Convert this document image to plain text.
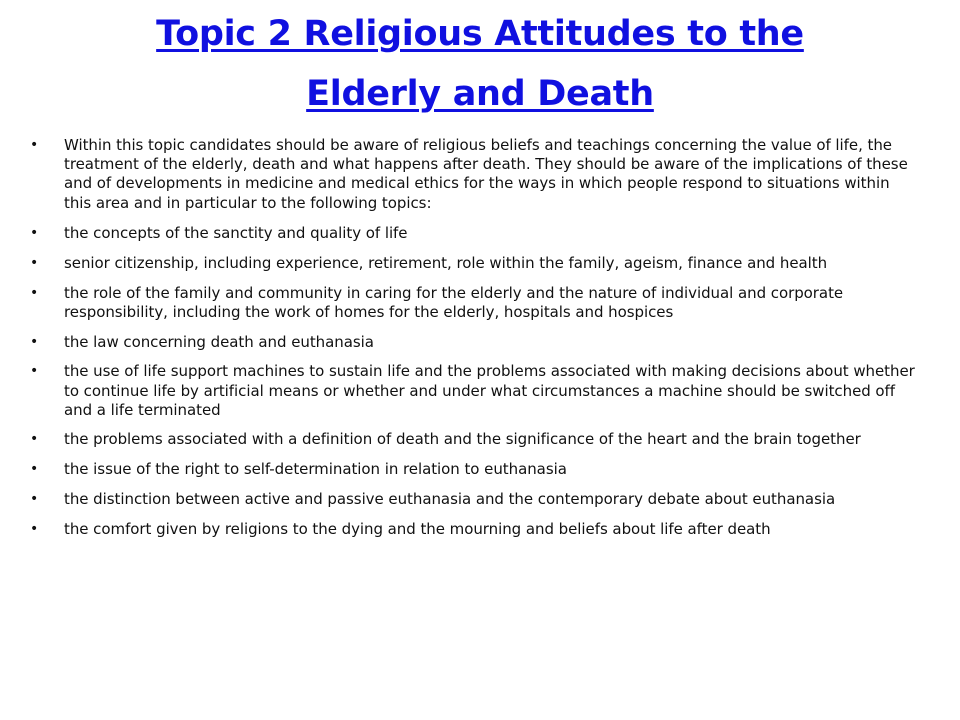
Topic 2 Religious Attitudes to the
Elderly and Death
• Within this topic candidates should be aware of religious beliefs and teachings concerning the value of life, the treatment of the elderly, death and what happens after death. They should be aware of the implications of these and of developments in medicine and medical ethics for the ways in which people respond to situations within this area and in particular to the following topics:
• the concepts of the sanctity and quality of life
• senior citizenship, including experience, retirement, role within the family, ageism, finance and health
• the role of the family and community in caring for the elderly and the nature of individual and corporate responsibility, including the work of homes for the elderly, hospitals and hospices
• the law concerning death and euthanasia
• the use of life support machines to sustain life and the problems associated with making decisions about whether to continue life by artificial means or whether and under what circumstances a machine should be switched off and a life terminated
• the problems associated with a definition of death and the significance of the heart and the brain together
• the issue of the right to self-determination in relation to euthanasia
• the distinction between active and passive euthanasia and the contemporary debate about euthanasia
• the comfort given by religions to the dying and the mourning and beliefs about life after death
